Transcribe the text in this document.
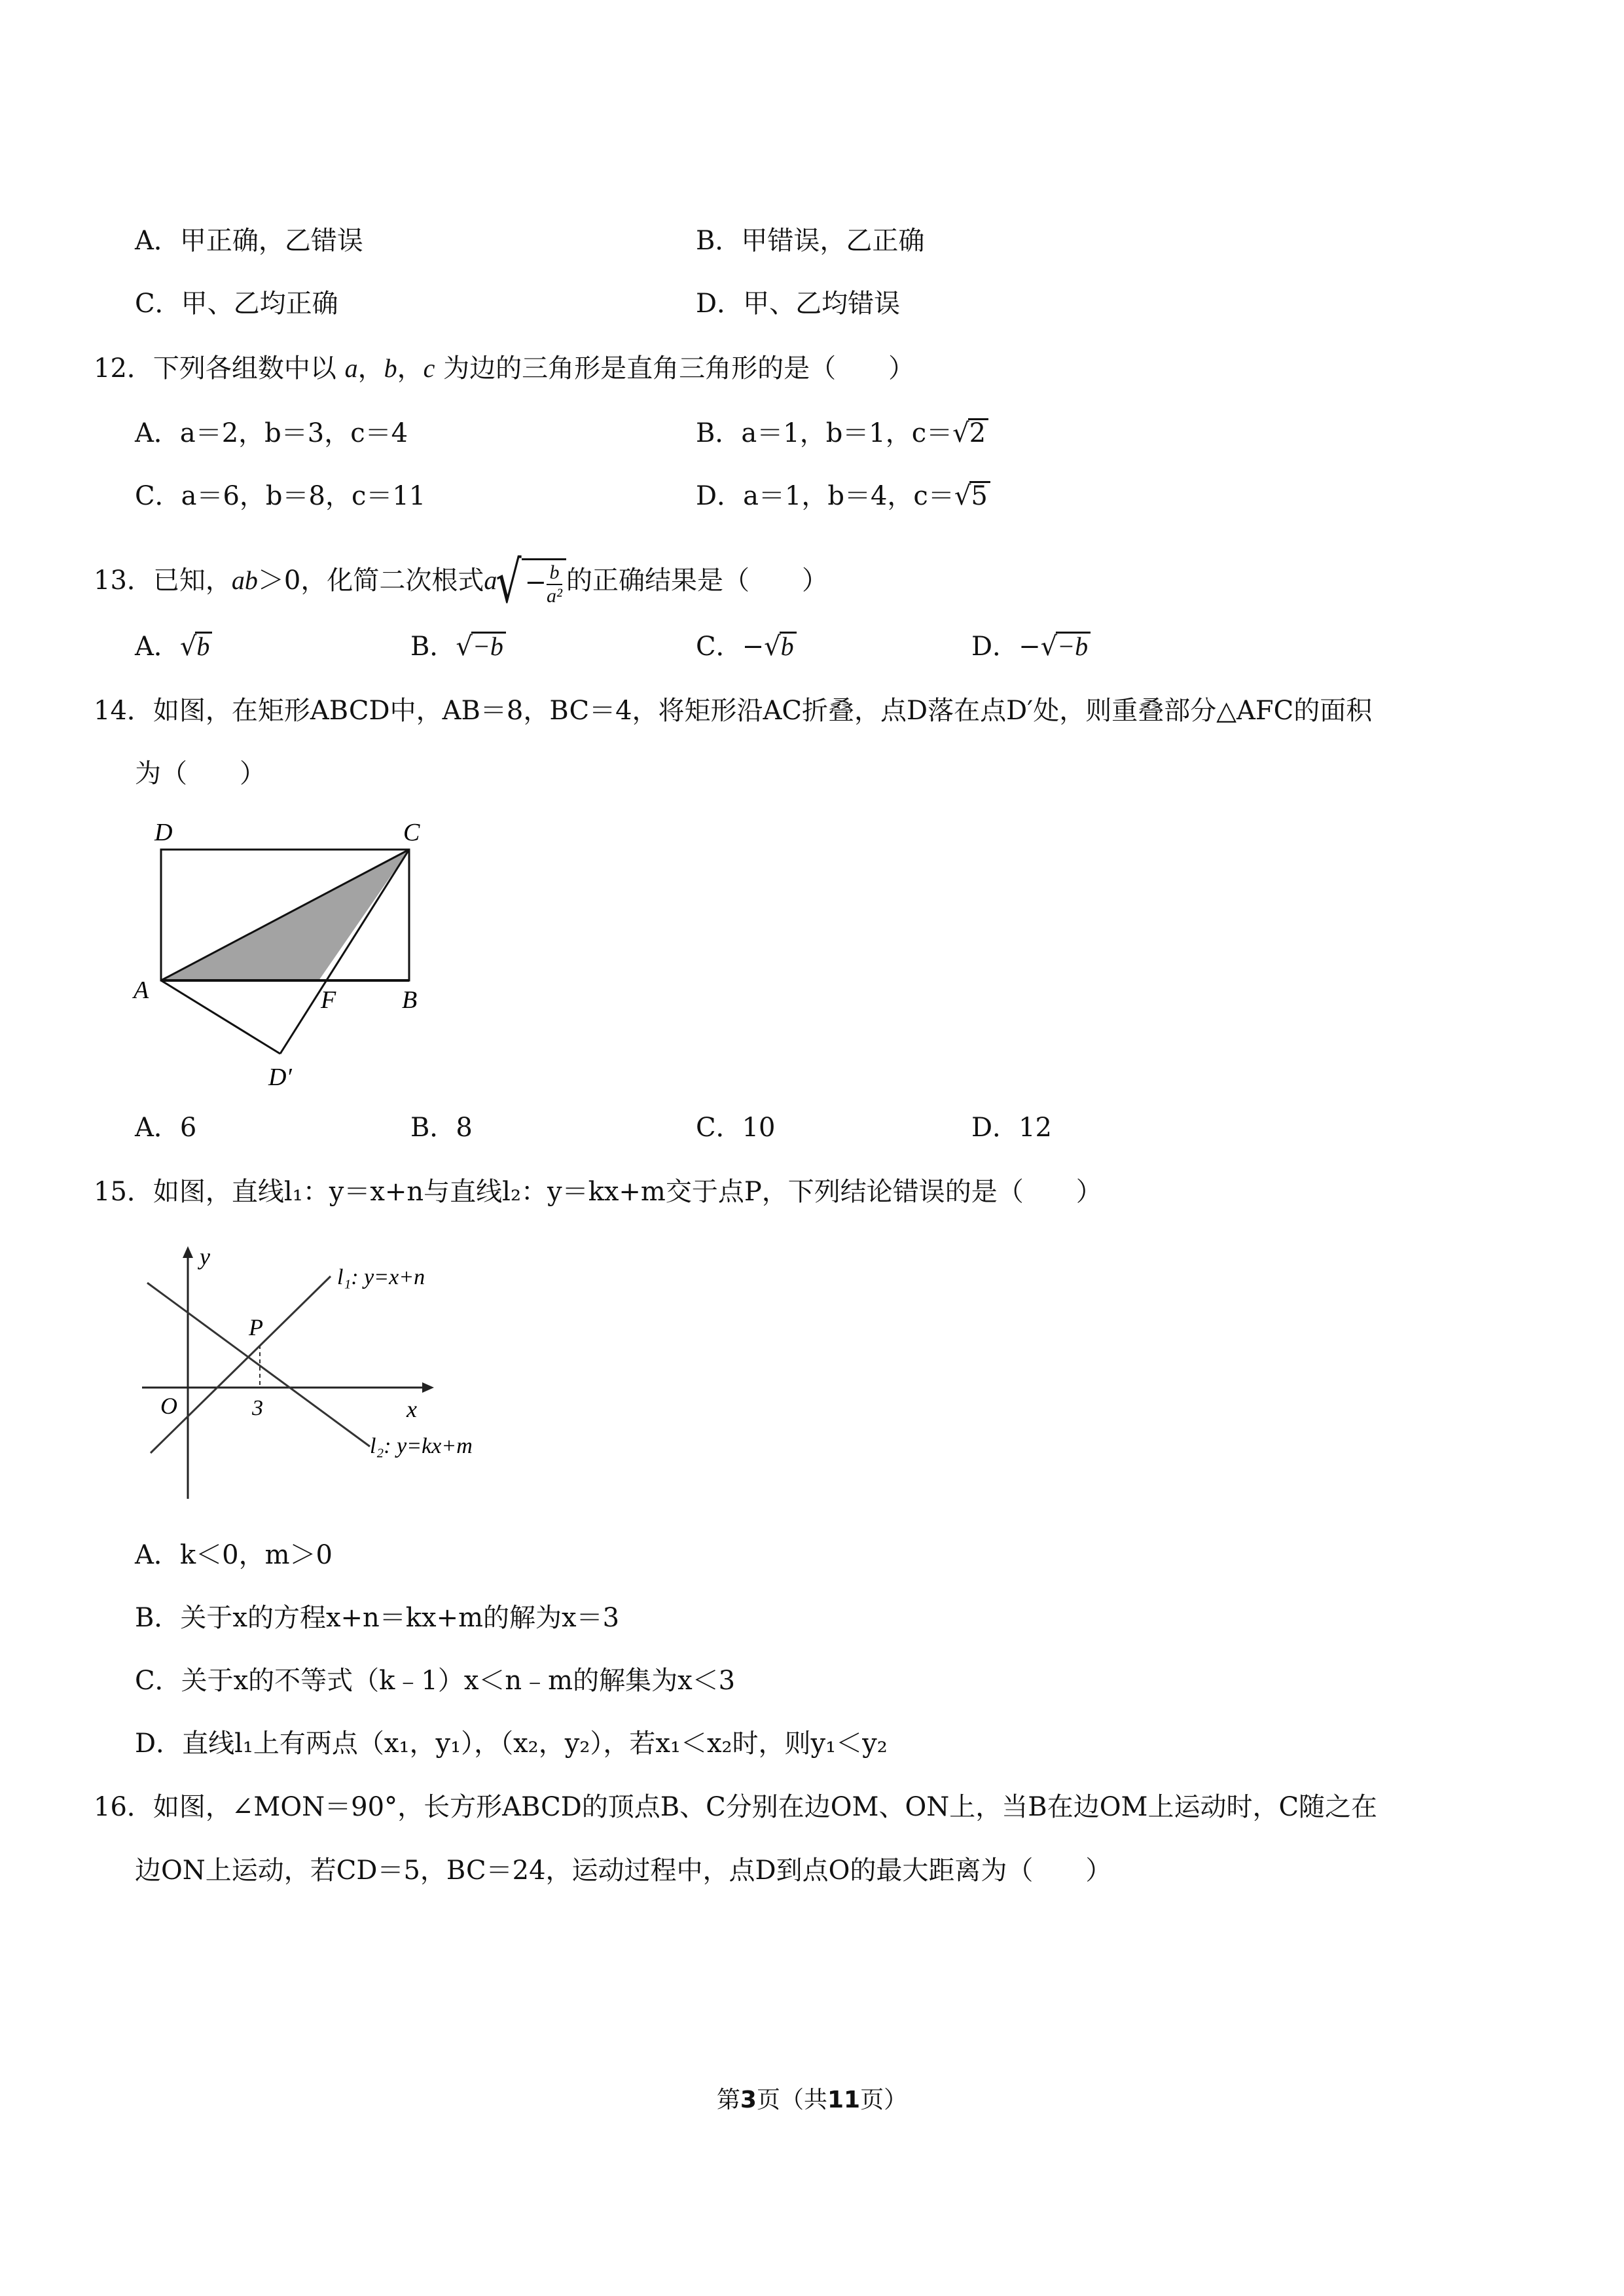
A．甲正确，乙错误	B．甲错误，乙正确
C．甲、乙均正确	D．甲、乙均错误
12．下列各组数中以 a，b，c 为边的三角形是直角三角形的是（　　）
A．a＝2，b＝3，c＝4	B．a＝1，b＝1，c＝√2
C．a＝6，b＝8，c＝11	D．a＝1，b＝4，c＝√5
13．已知，ab＞0，化简二次根式$a√ - \frac{b}{\text{a²}}$ 的正确结果是（　　）
A．√b	B．√−b	C．−√b	D．−√−b
14．如图，在矩形ABCD中，AB＝8，BC＝4，将矩形沿AC折叠，点D落在点D′处，则重叠部分△AFC的面积
为（　　）
D	C
A	F	B
D′
A．6	B．8	C．10	D．12
15．如图，直线l₁：y＝x+n与直线l₂：y＝kx+m交于点P，下列结论错误的是（　　）
y
x
O
P
3
l₁: y=x+n
l₂: y=kx+m
A．k＜0，m＞0
B．关于x的方程x+n＝kx+m的解为x＝3
C．关于x的不等式（k﹣1）x＜n﹣m的解集为x＜3
D．直线l₁上有两点（x₁，y₁），（x₂，y₂），若x₁＜x₂时，则y₁＜y₂
16．如图，∠MON＝90°，长方形ABCD的顶点B、C分别在边OM、ON上，当B在边OM上运动时，C随之在
边ON上运动，若CD＝5，BC＝24，运动过程中，点D到点O的最大距离为（　　）
第3页（共11页）
